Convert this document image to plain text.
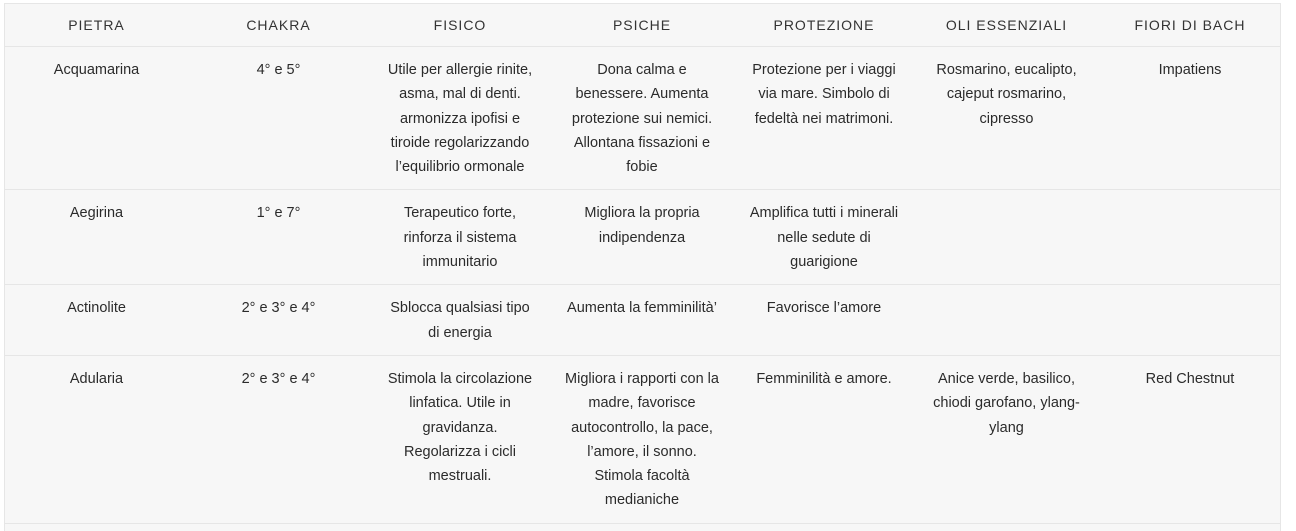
PIETRA	CHAKRA	FISICO	PSICHE	PROTEZIONE	OLI ESSENZIALI	FIORI DI BACH
Acquamarina	4° e 5°	Utile per allergie rinite, asma, mal di denti. armonizza ipofisi e tiroide regolarizzando l’equilibrio ormonale	Dona calma e benessere. Aumenta protezione sui nemici. Allontana fissazioni e fobie	Protezione per i viaggi via mare. Simbolo di fedeltà nei matrimoni.	Rosmarino, eucalipto, cajeput rosmarino, cipresso	Impatiens
Aegirina	1° e 7°	Terapeutico forte, rinforza il sistema immunitario	Migliora la propria indipendenza	Amplifica tutti i minerali nelle sedute di guarigione		
Actinolite	2° e 3° e 4°	Sblocca qualsiasi tipo di energia	Aumenta la femminilità’	Favorisce l’amore		
Adularia	2° e 3° e 4°	Stimola la circolazione linfatica. Utile in gravidanza. Regolarizza i cicli mestruali.	Migliora i rapporti con la madre, favorisce autocontrollo, la pace, l’amore, il sonno. Stimola facoltà medianiche	Femminilità e amore.	Anice verde, basilico, chiodi garofano, ylang-ylang	Red Chestnut
